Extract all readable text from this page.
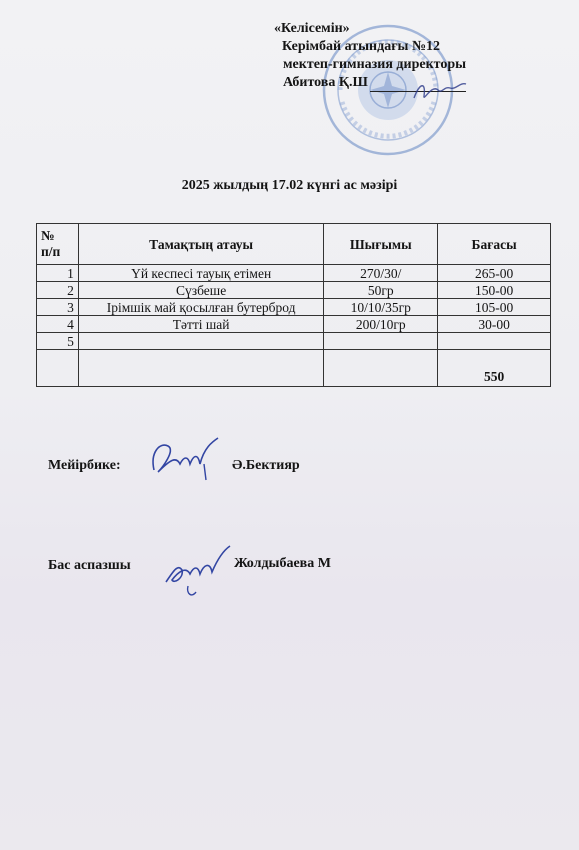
«Келісемін»
Керімбай атындағы №12
мектеп-гимназия директоры
Абитова Қ.Ш
2025 жылдың 17.02 күнгі ас мәзірі
№
п/п	Тамақтың атауы	Шығымы	Бағасы
1	Үй кеспесі тауық етімен	270/30/	265-00
2	Сүзбеше	50гр	150-00
3	Ірімшік май қосылған бутерброд	10/10/35гр	105-00
4	Тәтті шай	200/10гр	30-00
5			
			550
Мейірбике:	Ә.Бектияр
Бас аспазшы	Жолдыбаева М
